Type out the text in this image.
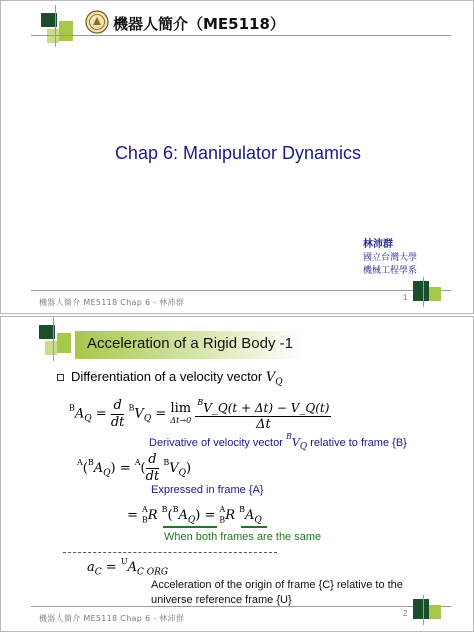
機器人簡介（ME5118）
Chap 6: Manipulator Dynamics
林沛群
國立台灣大學
機械工程學系
機器人簡介 ME5118 Chap 6 - 林沛群
1
Acceleration of a Rigid Body -1
Differentiation of a velocity vector $V_Q$
$^BA_Q = \frac{d}{dt} ^BV_Q = \lim$
Δt→0
$\frac{^BV\_Q(t + \Delta t) - V\_Q(t)}{\Delta t}$
Derivative of velocity vector $^BV_Q$ relative to frame {B}
$^A(^BA_Q) = ^A( \frac{d}{dt} ^BV_Q)$
Expressed in frame {A}
= $^A_B$R $^B(^BA_Q) = ^A_BR$ $^BA_Q$
When both frames are the same
$a_C = ^UA_{C ORG}$
Acceleration of the origin of frame {C} relative to the
universe reference frame {U}
機器人簡介 ME5118 Chap 6 - 林沛群
2
